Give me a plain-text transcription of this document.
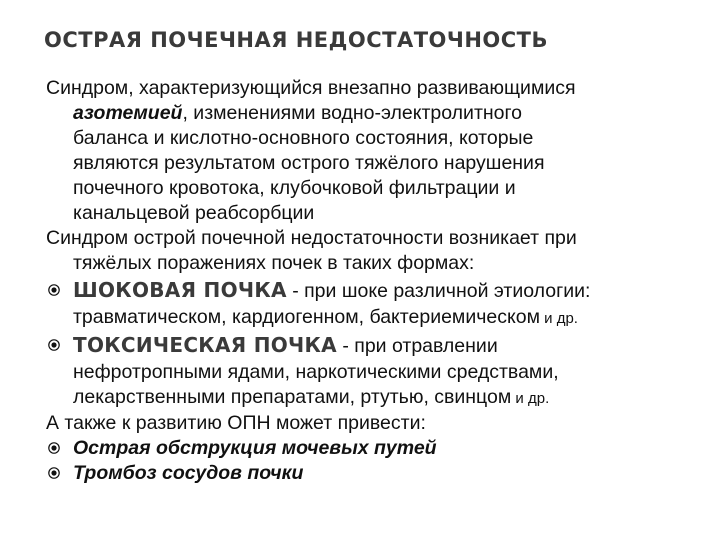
ОСТРАЯ ПОЧЕЧНАЯ НЕДОСТАТОЧНОСТЬ
Синдром, характеризующийся внезапно развивающимися
азотемией, изменениями водно-электролитного
баланса и кислотно-основного состояния, которые
являются результатом острого тяжёлого нарушения
почечного кровотока, клубочковой фильтрации и
канальцевой реабсорбции
Синдром острой почечной недостаточности возникает при
тяжёлых поражениях почек в таких формах:
ШОКОВАЯ ПОЧКА - при шоке различной этиологии:
травматическом, кардиогенном, бактериемическом и др.
ТОКСИЧЕСКАЯ ПОЧКА - при отравлении
нефротропными ядами, наркотическими средствами,
лекарственными препаратами, ртутью, свинцом и др.
А также к развитию ОПН может привести:
Острая обструкция мочевых путей
Тромбоз сосудов почки
